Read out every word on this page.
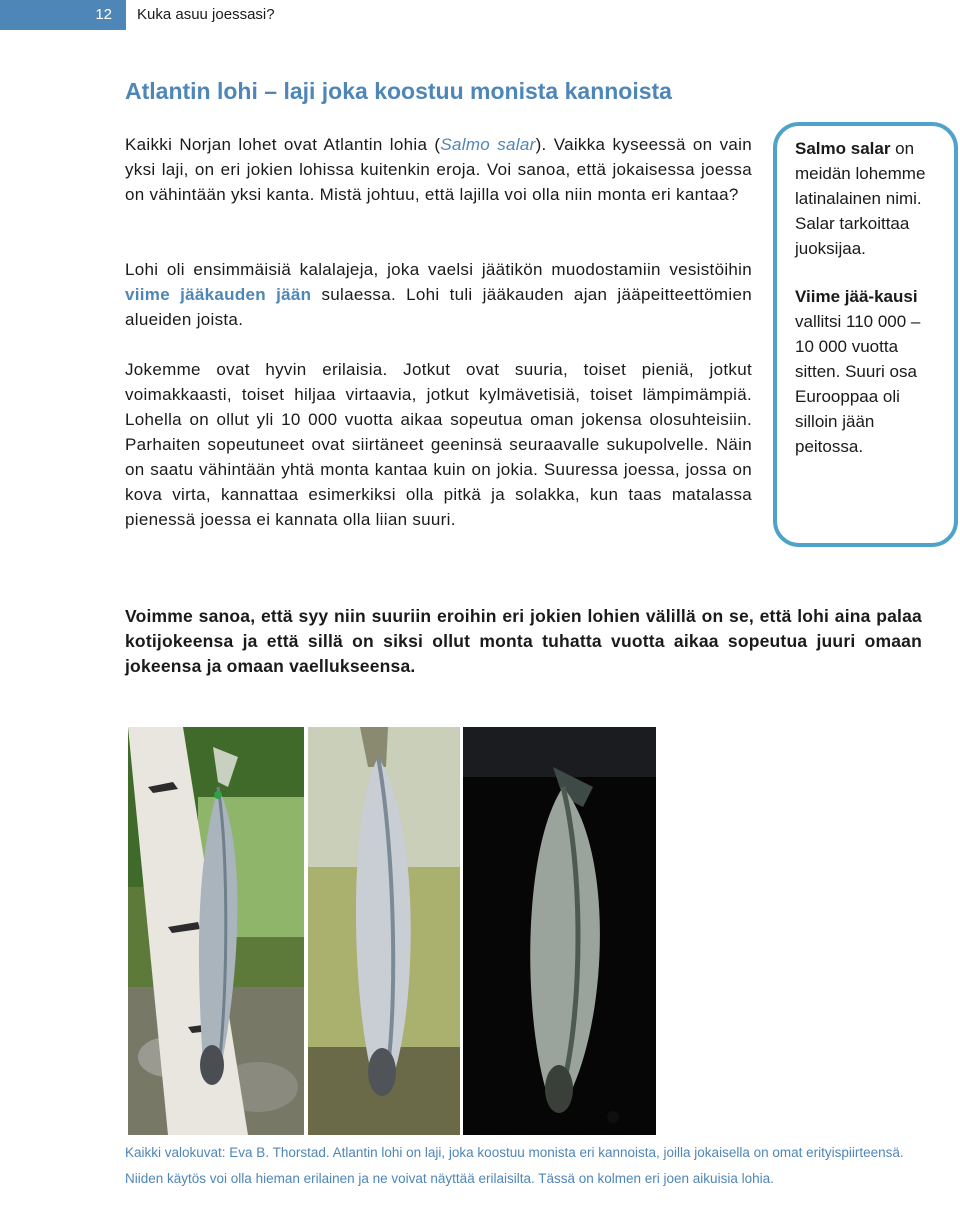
12	Kuka asuu joessasi?
Atlantin lohi – laji joka koostuu monista kannoista

Kaikki Norjan lohet ovat Atlantin lohia (Salmo salar). Vaikka kyseessä on vain yksi laji, on eri jokien lohissa kuitenkin eroja. Voi sanoa, että jokaisessa joessa on vähintään yksi kanta. Mistä johtuu, että lajilla voi olla niin monta eri kantaa?

Lohi oli ensimmäisiä kalalajeja, joka vaelsi jäätikön muodostamiin vesistöihin viime jääkauden jään sulaessa. Lohi tuli jääkauden ajan jääpeitteettömien alueiden joista.

Jokemme ovat hyvin erilaisia. Jotkut ovat suuria, toiset pieniä, jotkut voimakkaasti, toiset hiljaa virtaavia, jotkut kylmävetisiä, toiset lämpimämpiä. Lohella on ollut yli 10 000 vuotta aikaa sopeutua oman jokensa olosuhteisiin. Parhaiten sopeutuneet ovat siirtäneet geeninsä seuraavalle sukupolvelle. Näin on saatu vähintään yhtä monta kantaa kuin on jokia. Suuressa joessa, jossa on kova virta, kannattaa esimerkiksi olla pitkä ja solakka, kun taas matalassa pienessä joessa ei kannata olla liian suuri.

Salmo salar on meidän lohemme latinalainen nimi. Salar tarkoittaa juoksijaa.

Viime jää-kausi vallitsi 110 000 – 10 000 vuotta sitten. Suuri osa Eurooppaa oli silloin jään peitossa.

Voimme sanoa, että syy niin suuriin eroihin eri jokien lohien välillä on se, että lohi aina palaa kotijokeensa ja että sillä on siksi ollut monta tuhatta vuotta aikaa sopeutua juuri omaan jokeensa ja omaan vaellukseensa.

Kaikki valokuvat: Eva B. Thorstad. Atlantin lohi on laji, joka koostuu monista eri kannoista, joilla jokaisella on omat erityispiirteensä. Niiden käytös voi olla hieman erilainen ja ne voivat näyttää erilaisilta. Tässä on kolmen eri joen aikuisia lohia.
